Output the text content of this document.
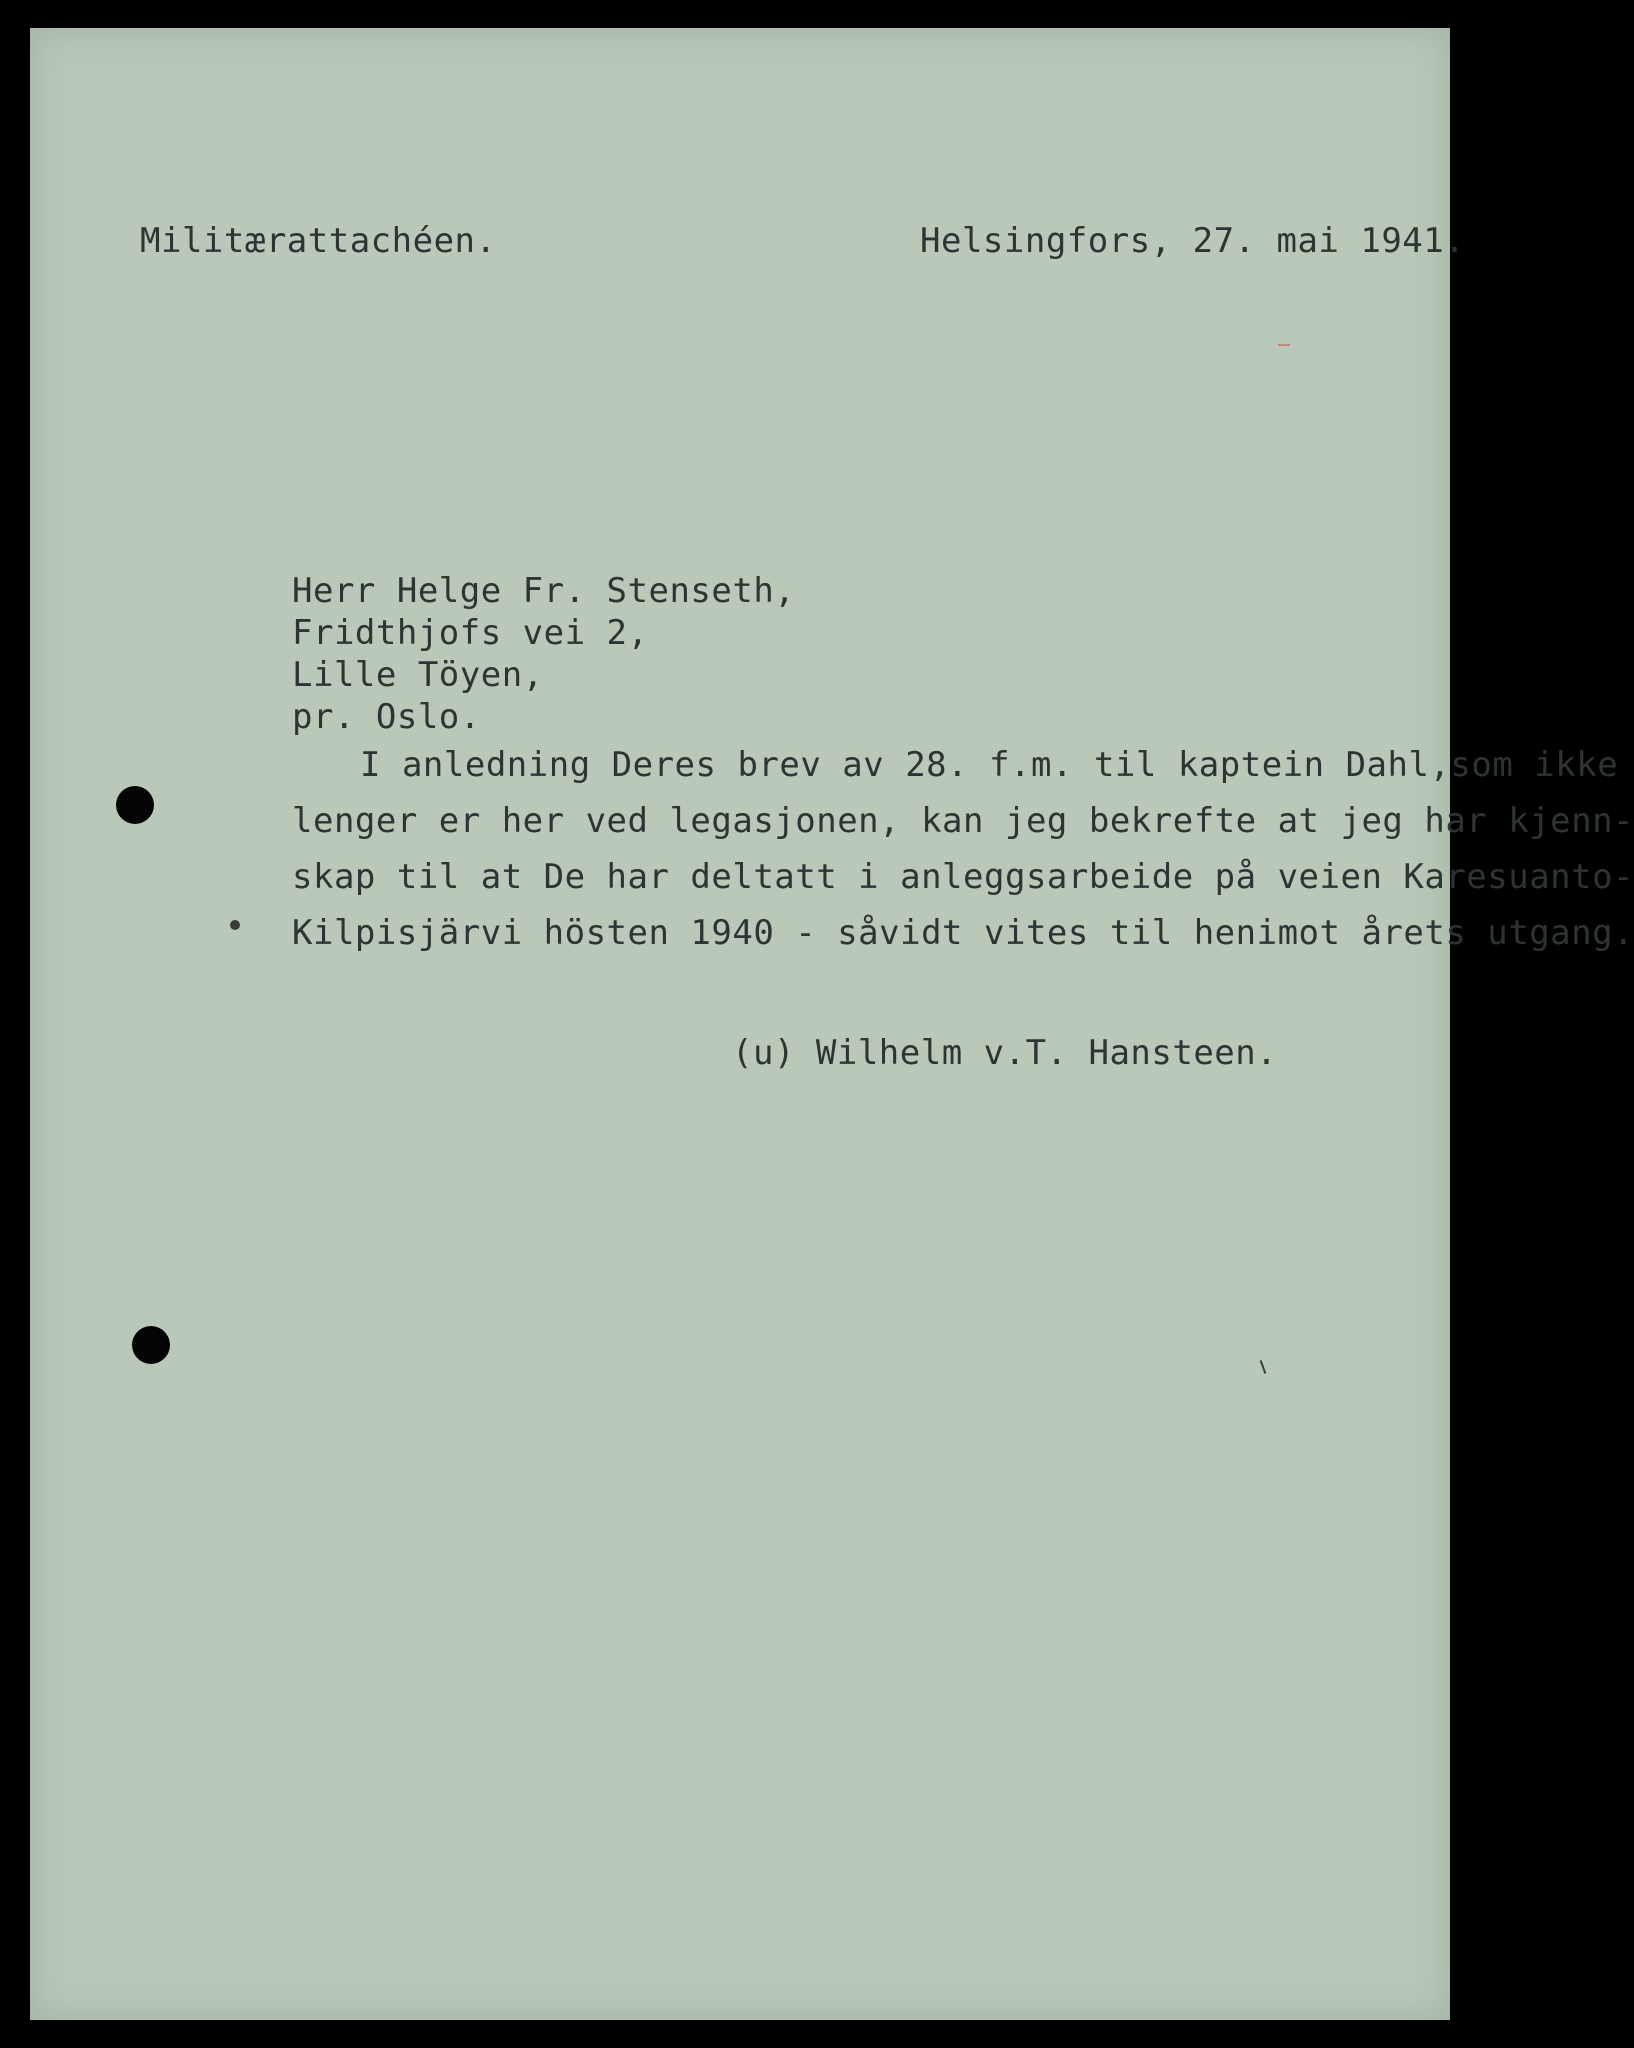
Militærattachéen.	Helsingfors, 27. mai 1941.
Herr Helge Fr. Stenseth,
Fridthjofs vei 2,
Lille Töyen,
pr. Oslo.
I anledning Deres brev av 28. f.m. til kaptein Dahl,som ikke
lenger er her ved legasjonen, kan jeg bekrefte at jeg har kjenn-
skap til at De har deltatt i anleggsarbeide på veien Karesuanto-
Kilpisjärvi hösten 1940 - såvidt vites til henimot årets utgang.
(u) Wilhelm v.T. Hansteen.
